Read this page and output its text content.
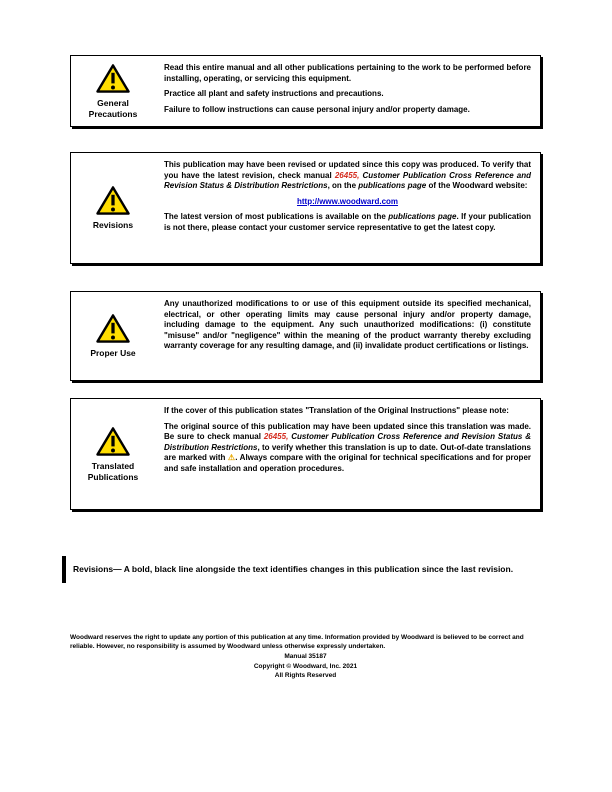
General Precautions

Read this entire manual and all other publications pertaining to the work to be performed before installing, operating, or servicing this equipment.

Practice all plant and safety instructions and precautions.

Failure to follow instructions can cause personal injury and/or property damage.

Revisions

This publication may have been revised or updated since this copy was produced. To verify that you have the latest revision, check manual 26455, Customer Publication Cross Reference and Revision Status & Distribution Restrictions, on the publications page of the Woodward website:

http://www.woodward.com

The latest version of most publications is available on the publications page. If your publication is not there, please contact your customer service representative to get the latest copy.

Proper Use

Any unauthorized modifications to or use of this equipment outside its specified mechanical, electrical, or other operating limits may cause personal injury and/or property damage, including damage to the equipment. Any such unauthorized modifications: (i) constitute "misuse" and/or "negligence" within the meaning of the product warranty thereby excluding warranty coverage for any resulting damage, and (ii) invalidate product certifications or listings.

Translated Publications

If the cover of this publication states "Translation of the Original Instructions" please note:

The original source of this publication may have been updated since this translation was made. Be sure to check manual 26455, Customer Publication Cross Reference and Revision Status & Distribution Restrictions, to verify whether this translation is up to date. Out-of-date translations are marked with ⚠. Always compare with the original for technical specifications and for proper and safe installation and operation procedures.

Revisions— A bold, black line alongside the text identifies changes in this publication since the last revision.
Woodward reserves the right to update any portion of this publication at any time. Information provided by Woodward is believed to be correct and reliable. However, no responsibility is assumed by Woodward unless otherwise expressly undertaken.
Manual 35187
Copyright © Woodward, Inc. 2021
All Rights Reserved
